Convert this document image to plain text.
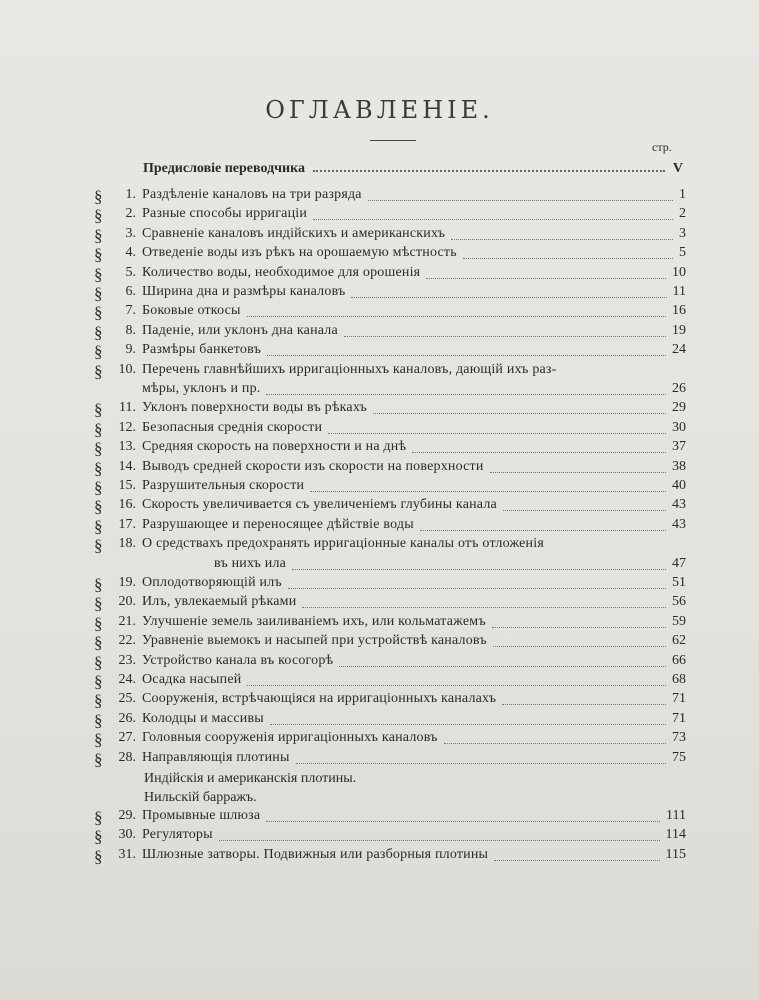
ОГЛАВЛЕНIЕ.
стр.
Предисловiе переводчика	V
§	1. Раздѣленiе каналовъ на три разряда	1
§	2. Разные способы ирригацiи	2
§	3. Сравненiе каналовъ индiйскихъ и американскихъ	3
§	4. Отведенiе воды изъ рѣкъ на орошаемую мѣстность	5
§	5. Количество воды, необходимое для орошенiя	10
§	6. Ширина дна и размѣры каналовъ	11
§	7. Боковые откосы	16
§	8. Паденiе, или уклонъ дна канала	19
§	9. Размѣры банкетовъ	24
§	10. Перечень главнѣйшихъ ирригацiонныхъ каналовъ, дающiй ихъ раз-
мѣры, уклонъ и пр.	26
§	11. Уклонъ поверхности воды въ рѣкахъ	29
§	12. Безопасныя среднiя скорости	30
§	13. Средняя скорость на поверхности и на днѣ	37
§	14. Выводъ средней скорости изъ скорости на поверхности	38
§	15. Разрушительныя скорости	40
§	16. Скорость увеличивается съ увеличенiемъ глубины канала	43
§	17. Разрушающее и переносящее дѣйствiе воды	43
§	18. О средствахъ предохранять ирригацiонные каналы отъ отложенiя
въ нихъ ила	47
§	19. Оплодотворяющiй илъ	51
§	20. Илъ, увлекаемый рѣками	56
§	21. Улучшенiе земель заиливанiемъ ихъ, или кольматажемъ	59
§	22. Уравненiе выемокъ и насыпей при устройствѣ каналовъ	62
§	23. Устройство канала въ косогорѣ	66
§	24. Осадка насыпей	68
§	25. Сооруженiя, встрѣчающiяся на ирригацiонныхъ каналахъ	71
§	26. Колодцы и массивы	71
§	27. Головныя сооруженiя ирригацiонныхъ каналовъ	73
§	28. Направляющiя плотины	75
Индiйскiя и американскiя плотины.
Нильскiй барражъ.
§	29. Промывные шлюза	111
§	30. Регуляторы	114
§	31. Шлюзные затворы. Подвижныя или разборныя плотины	115
